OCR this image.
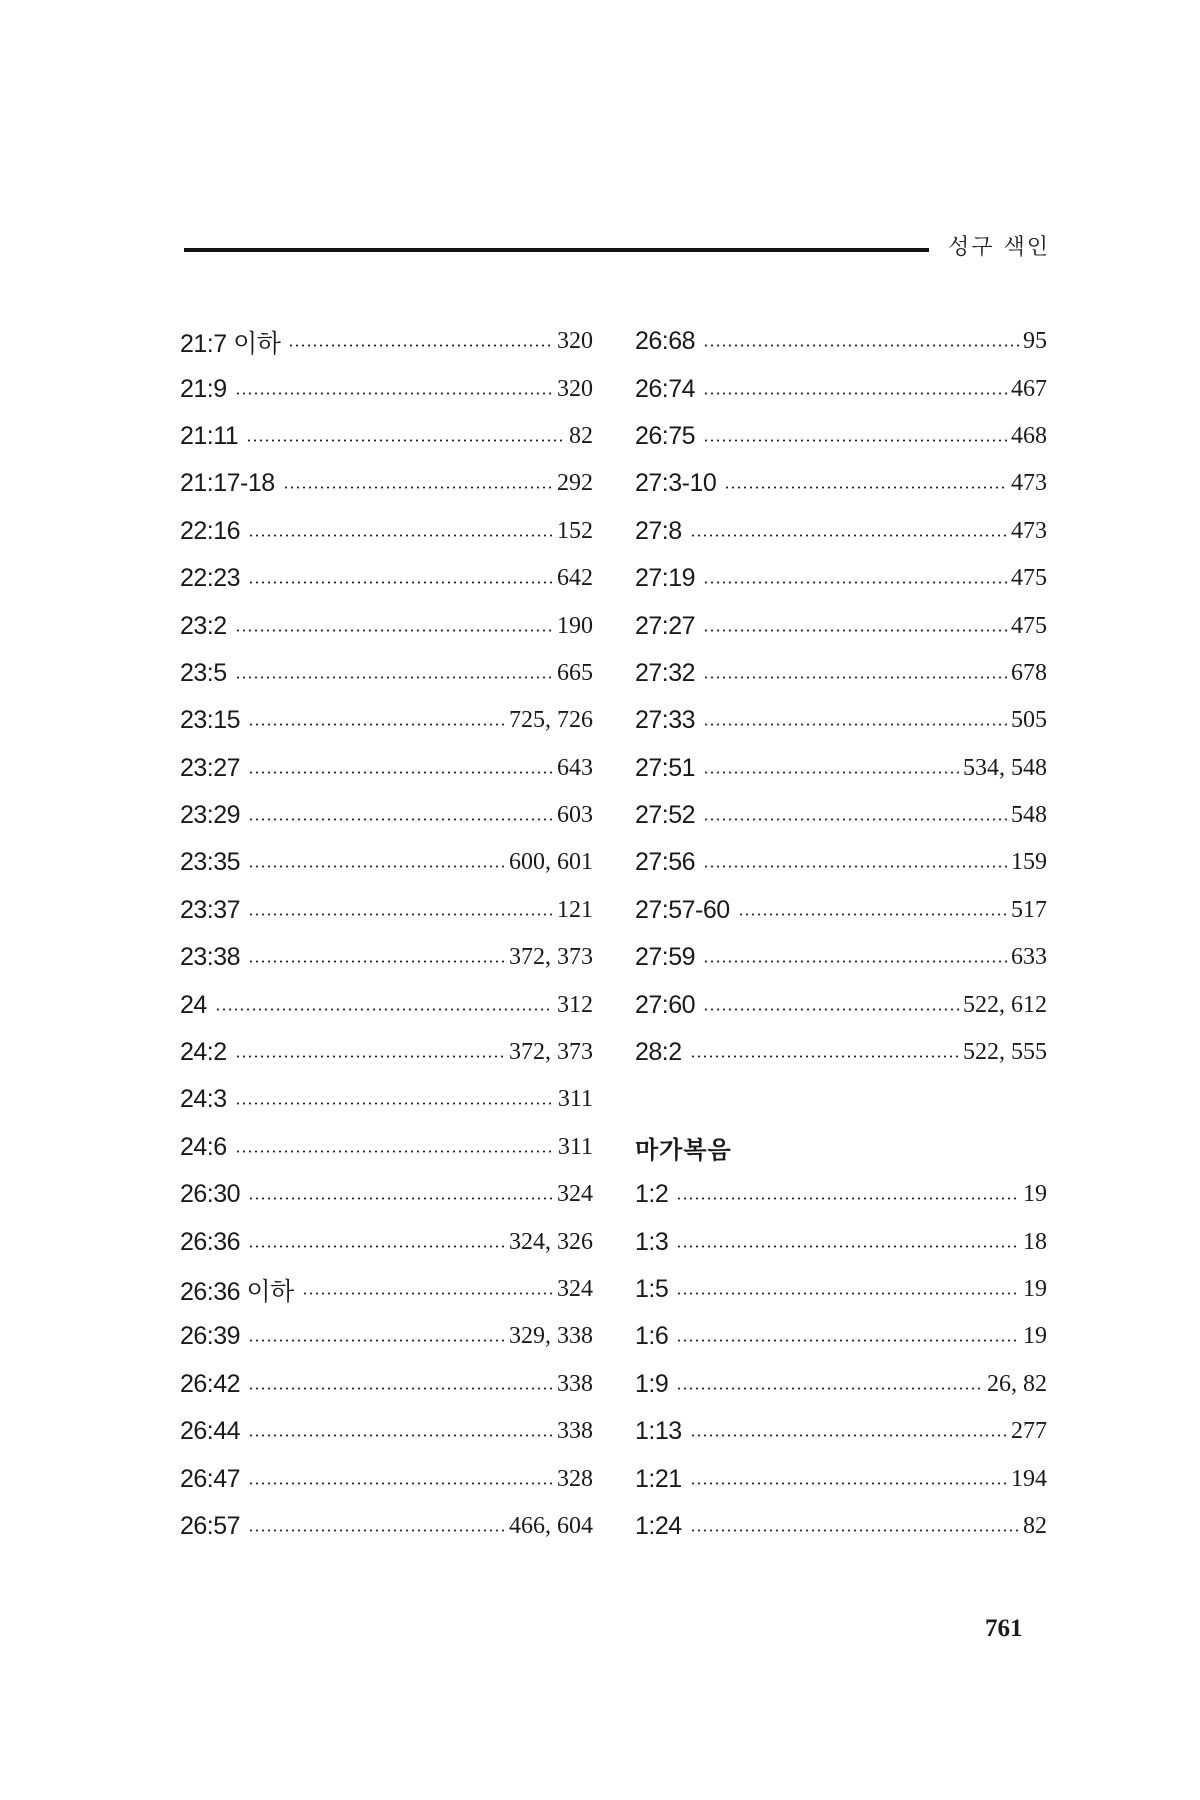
성구 색인
21:7 이하	320
21:9	320
21:11	82
21:17-18	292
22:16	152
22:23	642
23:2	190
23:5	665
23:15	725, 726
23:27	643
23:29	603
23:35	600, 601
23:37	121
23:38	372, 373
24	312
24:2	372, 373
24:3	311
24:6	311
26:30	324
26:36	324, 326
26:36 이하	324
26:39	329, 338
26:42	338
26:44	338
26:47	328
26:57	466, 604
26:68	95
26:74	467
26:75	468
27:3-10	473
27:8	473
27:19	475
27:27	475
27:32	678
27:33	505
27:51	534, 548
27:52	548
27:56	159
27:57-60	517
27:59	633
27:60	522, 612
28:2	522, 555
마가복음
1:2	19
1:3	18
1:5	19
1:6	19
1:9	26, 82
1:13	277
1:21	194
1:24	82
761
